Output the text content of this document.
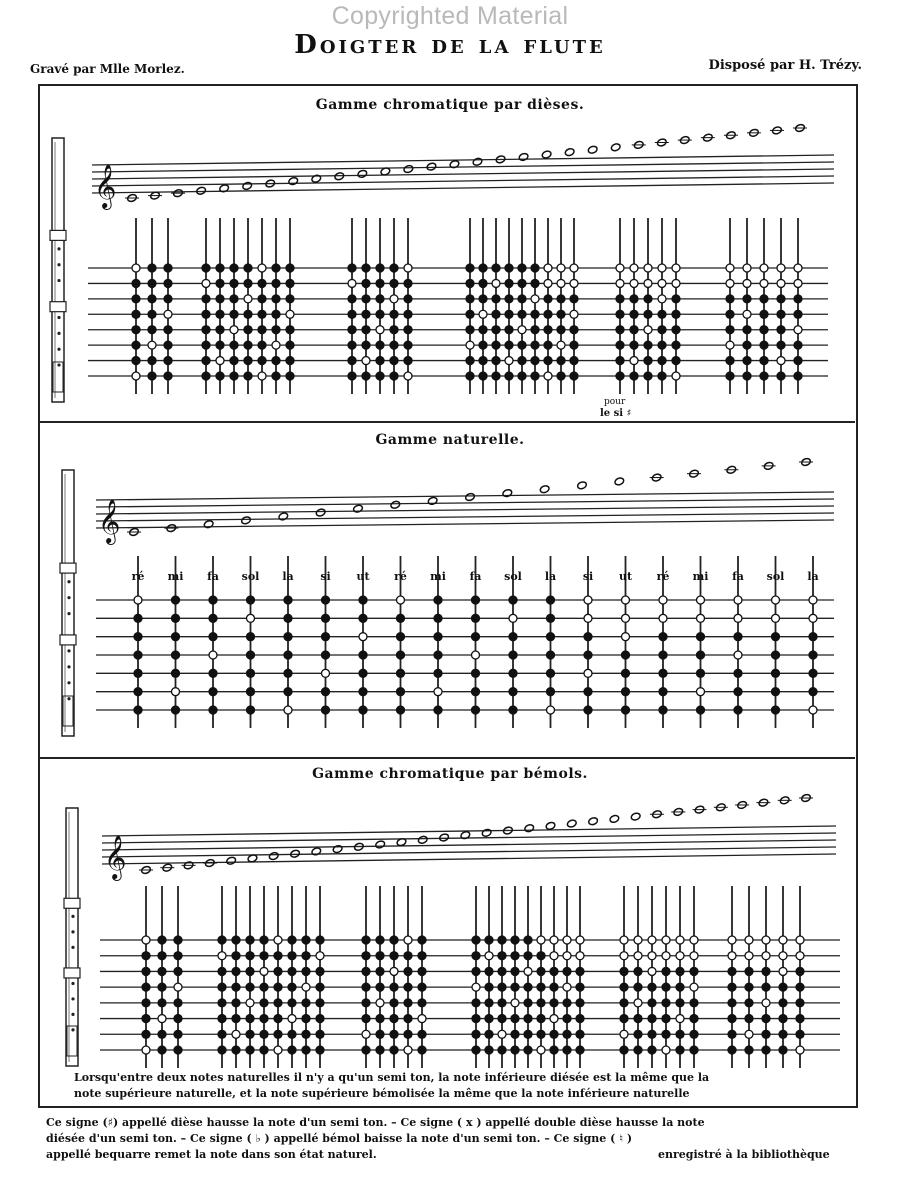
Copyrighted Material
Doigter de la flute
Gravé par Mlle Morlez.	Disposé par H. Trézy.
Gamme chromatique par dièses.
Gamme naturelle.
Gamme chromatique par bémols.
𝄞
𝄞
𝄞
ré mi fa sol la si ut ré mi fa sol la si ut ré mi fa sol la
pour
le si ♯
Lorsqu'entre deux notes naturelles il n'y a qu'un semi ton, la note inférieure diésée est la même que la
note supérieure naturelle, et la note supérieure bémolisée la même que la note inférieure naturelle
Ce signe (♯) appellé dièse hausse la note d'un semi ton. – Ce signe ( x ) appellé double dièse hausse la note
diésée d'un semi ton. – Ce signe ( ♭ ) appellé bémol baisse la note d'un semi ton. – Ce signe ( ♮ )
appellé bequarre remet la note dans son état naturel.	enregistré à la bibliothèque
